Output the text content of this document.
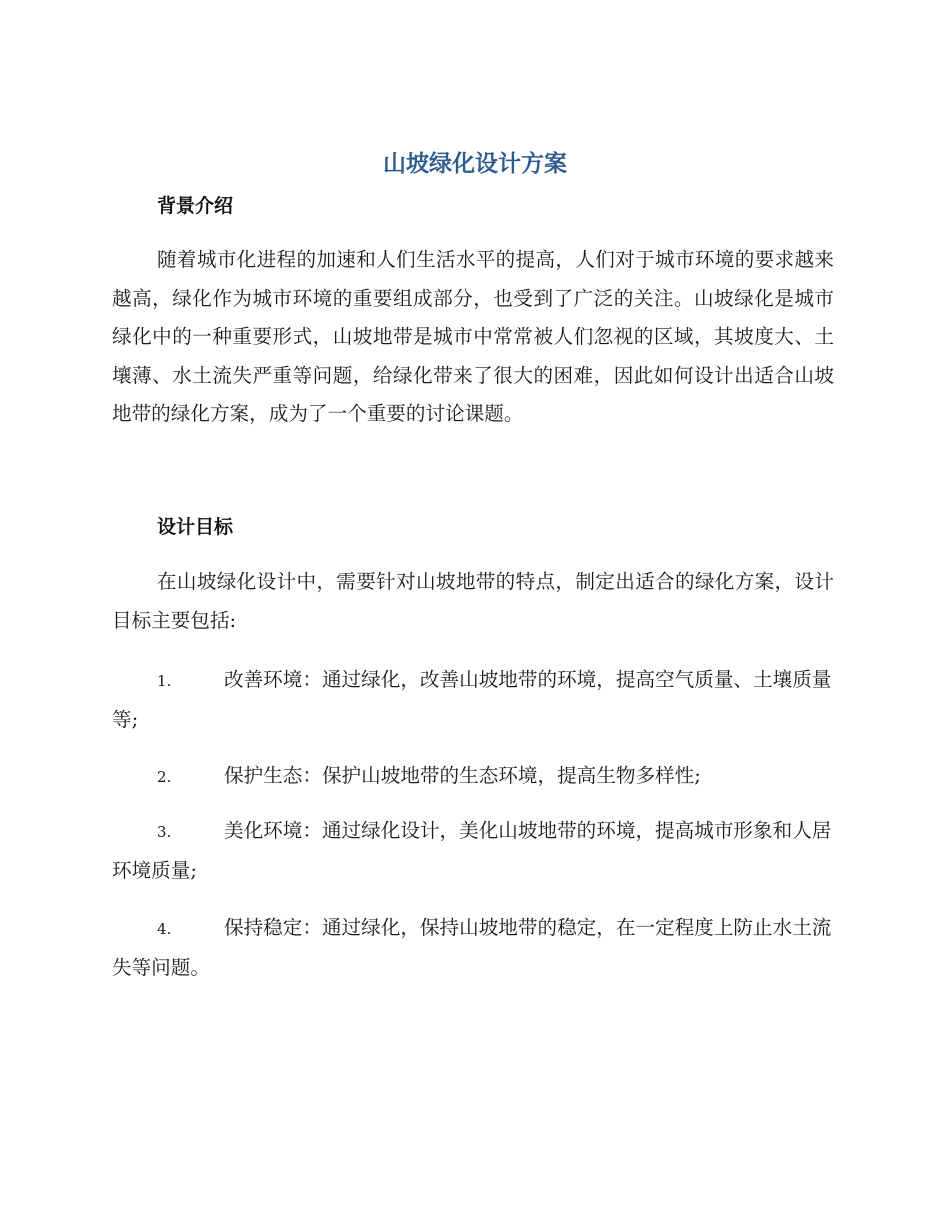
山坡绿化设计方案
背景介绍

随着城市化进程的加速和人们生活水平的提高，人们对于城市环境的要求越来越高，绿化作为城市环境的重要组成部分，也受到了广泛的关注。山坡绿化是城市绿化中的一种重要形式，山坡地带是城市中常常被人们忽视的区域，其坡度大、土壤薄、水土流失严重等问题，给绿化带来了很大的困难，因此如何设计出适合山坡地带的绿化方案，成为了一个重要的讨论课题。

设计目标

在山坡绿化设计中，需要针对山坡地带的特点，制定出适合的绿化方案，设计目标主要包括:

1.	改善环境：通过绿化，改善山坡地带的环境，提高空气质量、土壤质量等;

2.	保护生态：保护山坡地带的生态环境，提高生物多样性;

3.	美化环境：通过绿化设计，美化山坡地带的环境，提高城市形象和人居环境质量;

4.	保持稳定：通过绿化，保持山坡地带的稳定，在一定程度上防止水土流失等问题。
